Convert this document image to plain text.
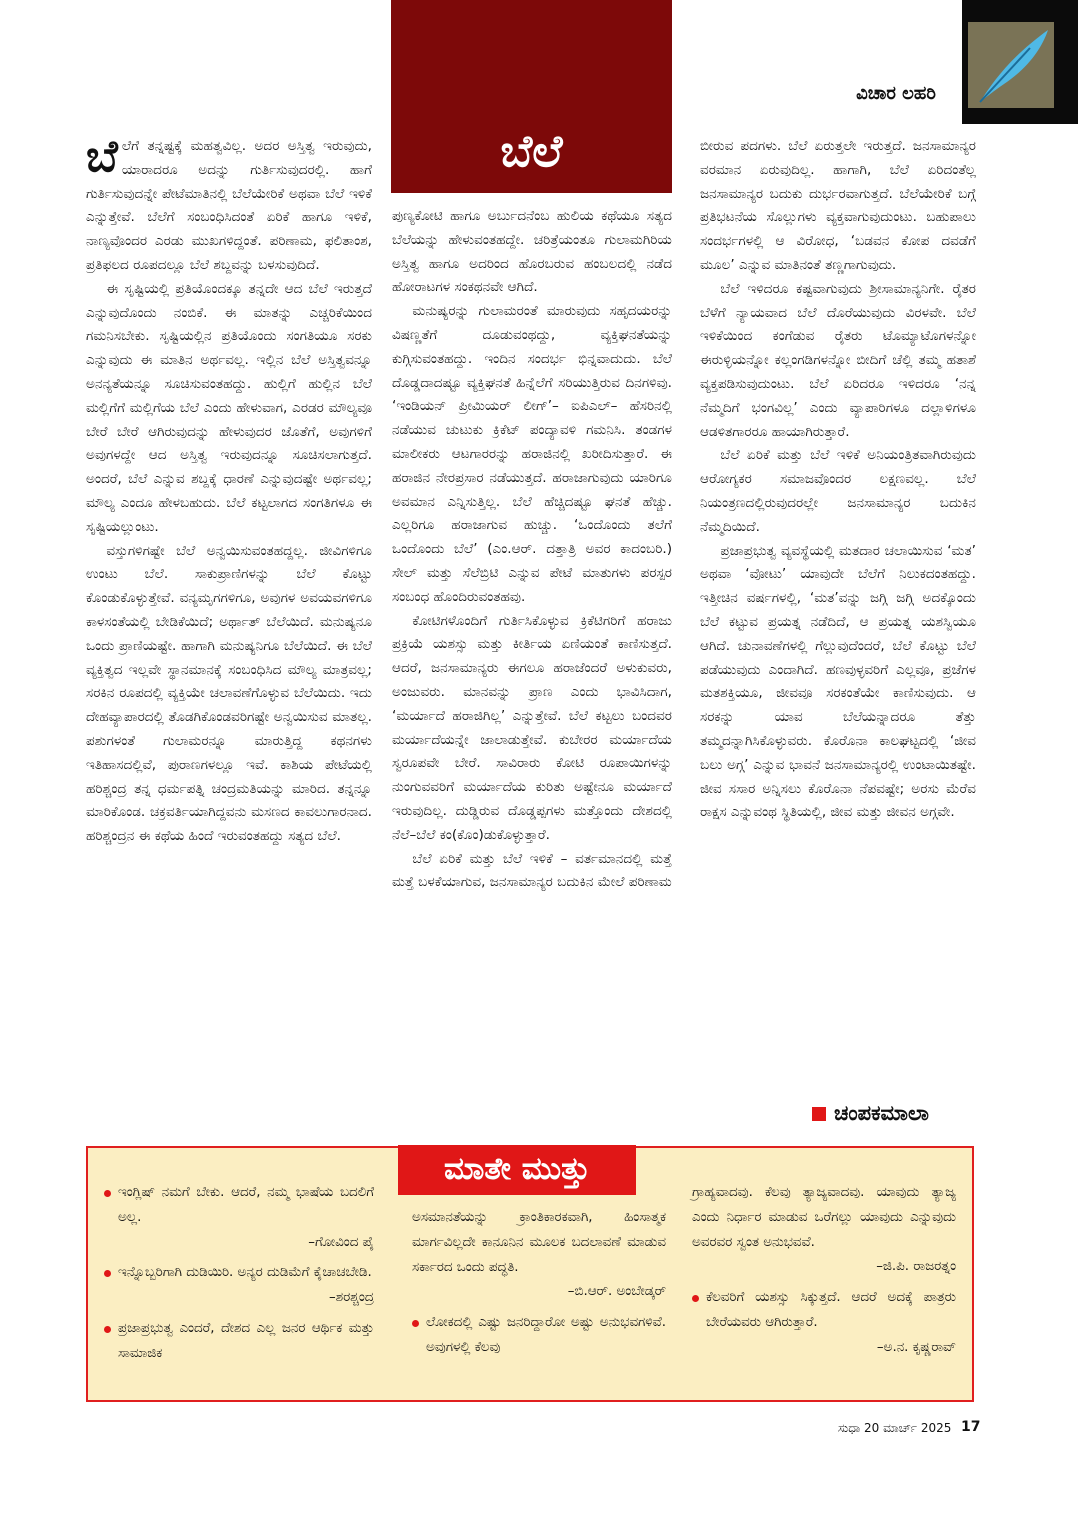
ವಿಚಾರ ಲಹರಿ
ಬೆಲೆ

ಬೆಲೆಗೆ ತನ್ನಷ್ಟಕ್ಕೆ ಮಹತ್ವವಿಲ್ಲ. ಅದರ ಅಸ್ತಿತ್ವ ಇರುವುದು, ಯಾರಾದರೂ ಅದನ್ನು ಗುರ್ತಿಸುವುದರಲ್ಲಿ. ಹಾಗೆ ಗುರ್ತಿಸುವುದನ್ನೇ ಪೇಟೆಮಾತಿನಲ್ಲಿ ಬೆಲೆಯೇರಿಕೆ ಅಥವಾ ಬೆಲೆ ಇಳಿಕೆ ಎನ್ನುತ್ತೇವೆ. ಬೆಲೆಗೆ ಸಂಬಂಧಿಸಿದಂತೆ ಏರಿಕೆ ಹಾಗೂ ಇಳಿಕೆ, ನಾಣ್ಯವೊಂದರ ಎರಡು ಮುಖಗಳಿದ್ದಂತೆ. ಪರಿಣಾಮ, ಫಲಿತಾಂಶ, ಪ್ರತಿಫಲದ ರೂಪದಲ್ಲೂ ಬೆಲೆ ಶಬ್ದವನ್ನು ಬಳಸುವುದಿದೆ.

ಈ ಸೃಷ್ಟಿಯಲ್ಲಿ ಪ್ರತಿಯೊಂದಕ್ಕೂ ತನ್ನದೇ ಆದ ಬೆಲೆ ಇರುತ್ತದೆ ಎನ್ನುವುದೊಂದು ನಂಬಿಕೆ. ಈ ಮಾತನ್ನು ಎಚ್ಚರಿಕೆಯಿಂದ ಗಮನಿಸಬೇಕು. ಸೃಷ್ಟಿಯಲ್ಲಿನ ಪ್ರತಿಯೊಂದು ಸಂಗತಿಯೂ ಸರಕು ಎನ್ನುವುದು ಈ ಮಾತಿನ ಅರ್ಥವಲ್ಲ. ಇಲ್ಲಿನ ಬೆಲೆ ಅಸ್ತಿತ್ವವನ್ನೂ ಅನನ್ಯತೆಯನ್ನೂ ಸೂಚಿಸುವಂತಹದ್ದು. ಹುಲ್ಲಿಗೆ ಹುಲ್ಲಿನ ಬೆಲೆ ಮಲ್ಲಿಗೆಗೆ ಮಲ್ಲಿಗೆಯ ಬೆಲೆ ಎಂದು ಹೇಳುವಾಗ, ಎರಡರ ಮೌಲ್ಯವೂ ಬೇರೆ ಬೇರೆ ಆಗಿರುವುದನ್ನು ಹೇಳುವುದರ ಜೊತೆಗೆ, ಅವುಗಳಿಗೆ ಅವುಗಳದ್ದೇ ಆದ ಅಸ್ತಿತ್ವ ಇರುವುದನ್ನೂ ಸೂಚಿಸಲಾಗುತ್ತದೆ. ಅಂದರೆ, ಬೆಲೆ ಎನ್ನುವ ಶಬ್ದಕ್ಕೆ ಧಾರಣೆ ಎನ್ನುವುದಷ್ಟೇ ಅರ್ಥವಲ್ಲ; ಮೌಲ್ಯ ಎಂದೂ ಹೇಳಬಹುದು. ಬೆಲೆ ಕಟ್ಟಲಾಗದ ಸಂಗತಿಗಳೂ ಈ ಸೃಷ್ಟಿಯಲ್ಲುಂಟು.

ವಸ್ತುಗಳಿಗಷ್ಟೇ ಬೆಲೆ ಅನ್ವಯಿಸುವಂತಹದ್ದಲ್ಲ. ಜೀವಿಗಳಿಗೂ ಉಂಟು ಬೆಲೆ. ಸಾಕುಪ್ರಾಣಿಗಳನ್ನು ಬೆಲೆ ಕೊಟ್ಟು ಕೊಂಡುಕೊಳ್ಳುತ್ತೇವೆ. ವನ್ಯಮೃಗಗಳಿಗೂ, ಅವುಗಳ ಅವಯವಗಳಿಗೂ ಕಾಳಸಂತೆಯಲ್ಲಿ ಬೇಡಿಕೆಯಿದೆ; ಅರ್ಥಾತ್ ಬೆಲೆಯಿದೆ. ಮನುಷ್ಯನೂ ಒಂದು ಪ್ರಾಣಿಯಷ್ಟೇ. ಹಾಗಾಗಿ ಮನುಷ್ಯನಿಗೂ ಬೆಲೆಯಿದೆ. ಈ ಬೆಲೆ ವ್ಯಕ್ತಿತ್ವದ ಇಲ್ಲವೇ ಸ್ಥಾನಮಾನಕ್ಕೆ ಸಂಬಂಧಿಸಿದ ಮೌಲ್ಯ ಮಾತ್ರವಲ್ಲ; ಸರಕಿನ ರೂಪದಲ್ಲಿ ವ್ಯಕ್ತಿಯೇ ಚಲಾವಣೆಗೊಳ್ಳುವ ಬೆಲೆಯಿದು. ಇದು ದೇಹವ್ಯಾಪಾರದಲ್ಲಿ ತೊಡಗಿಕೊಂಡವರಿಗಷ್ಟೇ ಅನ್ವಯಿಸುವ ಮಾತಲ್ಲ. ಪಶುಗಳಂತೆ ಗುಲಾಮರನ್ನೂ ಮಾರುತ್ತಿದ್ದ ಕಥನಗಳು ಇತಿಹಾಸದಲ್ಲಿವೆ, ಪುರಾಣಗಳಲ್ಲೂ ಇವೆ. ಕಾಶಿಯ ಪೇಟೆಯಲ್ಲಿ ಹರಿಶ್ಚಂದ್ರ ತನ್ನ ಧರ್ಮಪತ್ನಿ ಚಂದ್ರಮತಿಯನ್ನು ಮಾರಿದ. ತನ್ನನ್ನೂ ಮಾರಿಕೊಂಡ. ಚಕ್ರವರ್ತಿಯಾಗಿದ್ದವನು ಮಸಣದ ಕಾವಲುಗಾರನಾದ. ಹರಿಶ್ಚಂದ್ರನ ಈ ಕಥೆಯ ಹಿಂದೆ ಇರುವಂತಹದ್ದು ಸತ್ಯದ ಬೆಲೆ.

ಪುಣ್ಯಕೋಟಿ ಹಾಗೂ ಅರ್ಬುದನೆಂಬ ಹುಲಿಯ ಕಥೆಯೂ ಸತ್ಯದ ಬೆಲೆಯನ್ನು ಹೇಳುವಂತಹದ್ದೇ. ಚರಿತ್ರೆಯಂತೂ ಗುಲಾಮಗಿರಿಯ ಅಸ್ತಿತ್ವ ಹಾಗೂ ಅದರಿಂದ ಹೊರಬರುವ ಹಂಬಲದಲ್ಲಿ ನಡೆದ ಹೋರಾಟಗಳ ಸಂಕಥನವೇ ಆಗಿದೆ.

ಮನುಷ್ಯರನ್ನು ಗುಲಾಮರಂತೆ ಮಾರುವುದು ಸಹೃದಯರನ್ನು ವಿಷಣ್ಣತೆಗೆ ದೂಡುವಂಥದ್ದು, ವ್ಯಕ್ತಿಘನತೆಯನ್ನು ಕುಗ್ಗಿಸುವಂತಹದ್ದು. ಇಂದಿನ ಸಂದರ್ಭ ಭಿನ್ನವಾದುದು. ಬೆಲೆ ದೊಡ್ಡದಾದಷ್ಟೂ ವ್ಯಕ್ತಿಘನತೆ ಹಿನ್ನೆಲೆಗೆ ಸರಿಯುತ್ತಿರುವ ದಿನಗಳಿವು. ‘ಇಂಡಿಯನ್ ಪ್ರೀಮಿಯರ್ ಲೀಗ್’– ಐಪಿಎಲ್– ಹೆಸರಿನಲ್ಲಿ ನಡೆಯುವ ಚುಟುಕು ಕ್ರಿಕೆಟ್ ಪಂದ್ಯಾವಳಿ ಗಮನಿಸಿ. ತಂಡಗಳ ಮಾಲೀಕರು ಆಟಗಾರರನ್ನು ಹರಾಜಿನಲ್ಲಿ ಖರೀದಿಸುತ್ತಾರೆ. ಈ ಹರಾಜಿನ ನೇರಪ್ರಸಾರ ನಡೆಯುತ್ತದೆ. ಹರಾಜಾಗುವುದು ಯಾರಿಗೂ ಅವಮಾನ ಎನ್ನಿಸುತ್ತಿಲ್ಲ. ಬೆಲೆ ಹೆಚ್ಚಿದಷ್ಟೂ ಘನತೆ ಹೆಚ್ಚು. ಎಲ್ಲರಿಗೂ ಹರಾಜಾಗುವ ಹುಚ್ಚು. ‘ಒಂದೊಂದು ತಲೆಗೆ ಒಂದೊಂದು ಬೆಲೆ’ (ಎಂ.ಆರ್. ದತ್ತಾತ್ರಿ ಅವರ ಕಾದಂಬರಿ.) ಸೇಲ್ ಮತ್ತು ಸೆಲೆಬ್ರಿಟಿ ಎನ್ನುವ ಪೇಟೆ ಮಾತುಗಳು ಪರಸ್ಪರ ಸಂಬಂಧ ಹೊಂದಿರುವಂತಹವು.

ಕೋಟಿಗಳೊಂದಿಗೆ ಗುರ್ತಿಸಿಕೊಳ್ಳುವ ಕ್ರಿಕೆಟಿಗರಿಗೆ ಹರಾಜು ಪ್ರಕ್ರಿಯೆ ಯಶಸ್ಸು ಮತ್ತು ಕೀರ್ತಿಯ ಏಣಿಯಂತೆ ಕಾಣಿಸುತ್ತದೆ. ಆದರೆ, ಜನಸಾಮಾನ್ಯರು ಈಗಲೂ ಹರಾಜೆಂದರೆ ಅಳುಕುವರು, ಅಂಜುವರು. ಮಾನವನ್ನು ಪ್ರಾಣ ಎಂದು ಭಾವಿಸಿದಾಗ, ‘ಮರ್ಯಾದೆ ಹರಾಜಿಗಿಲ್ಲ’ ಎನ್ನುತ್ತೇವೆ. ಬೆಲೆ ಕಟ್ಟಲು ಬಂದವರ ಮರ್ಯಾದೆಯನ್ನೇ ಜಾಲಾಡುತ್ತೇವೆ. ಕುಬೇರರ ಮರ್ಯಾದೆಯ ಸ್ವರೂಪವೇ ಬೇರೆ. ಸಾವಿರಾರು ಕೋಟಿ ರೂಪಾಯಿಗಳನ್ನು ನುಂಗುವವರಿಗೆ ಮರ್ಯಾದೆಯ ಕುರಿತು ಅಷ್ಟೇನೂ ಮರ್ಯಾದೆ ಇರುವುದಿಲ್ಲ. ದುಡ್ಡಿರುವ ದೊಡ್ಡಪ್ಪಗಳು ಮತ್ತೊಂದು ದೇಶದಲ್ಲಿ ನೆಲೆ–ಬೆಲೆ ಕಂ(ಕೊಂ)ಡುಕೊಳ್ಳುತ್ತಾರೆ.

ಬೆಲೆ ಏರಿಕೆ ಮತ್ತು ಬೆಲೆ ಇಳಿಕೆ – ವರ್ತಮಾನದಲ್ಲಿ ಮತ್ತೆ ಮತ್ತೆ ಬಳಕೆಯಾಗುವ, ಜನಸಾಮಾನ್ಯರ ಬದುಕಿನ ಮೇಲೆ ಪರಿಣಾಮ

ಬೀರುವ ಪದಗಳು. ಬೆಲೆ ಏರುತ್ತಲೇ ಇರುತ್ತದೆ. ಜನಸಾಮಾನ್ಯರ ವರಮಾನ ಏರುವುದಿಲ್ಲ. ಹಾಗಾಗಿ, ಬೆಲೆ ಏರಿದಂತೆಲ್ಲ ಜನಸಾಮಾನ್ಯರ ಬದುಕು ದುರ್ಭರವಾಗುತ್ತದೆ. ಬೆಲೆಯೇರಿಕೆ ಬಗ್ಗೆ ಪ್ರತಿಭಟನೆಯ ಸೊಲ್ಲುಗಳು ವ್ಯಕ್ತವಾಗುವುದುಂಟು. ಬಹುಪಾಲು ಸಂದರ್ಭಗಳಲ್ಲಿ ಆ ವಿರೋಧ, ‘ಬಡವನ ಕೋಪ ದವಡೆಗೆ ಮೂಲ’ ಎನ್ನುವ ಮಾತಿನಂತೆ ತಣ್ಣಗಾಗುವುದು.

ಬೆಲೆ ಇಳಿದರೂ ಕಷ್ಟವಾಗುವುದು ಶ್ರೀಸಾಮಾನ್ಯನಿಗೇ. ರೈತರ ಬೆಳೆಗೆ ನ್ಯಾಯವಾದ ಬೆಲೆ ದೊರೆಯುವುದು ವಿರಳವೇ. ಬೆಲೆ ಇಳಿಕೆಯಿಂದ ಕಂಗೆಡುವ ರೈತರು ಟೊಮ್ಯಾಟೊಗಳನ್ನೋ ಈರುಳ್ಳಿಯನ್ನೋ ಕಲ್ಲಂಗಡಿಗಳನ್ನೋ ಬೀದಿಗೆ ಚೆಲ್ಲಿ ತಮ್ಮ ಹತಾಶೆ ವ್ಯಕ್ತಪಡಿಸುವುದುಂಟು. ಬೆಲೆ ಏರಿದರೂ ಇಳಿದರೂ ‘ನನ್ನ ನೆಮ್ಮದಿಗೆ ಭಂಗವಿಲ್ಲ’ ಎಂದು ವ್ಯಾಪಾರಿಗಳೂ ದಲ್ಲಾಳಿಗಳೂ ಆಡಳಿತಗಾರರೂ ಹಾಯಾಗಿರುತ್ತಾರೆ.

ಬೆಲೆ ಏರಿಕೆ ಮತ್ತು ಬೆಲೆ ಇಳಿಕೆ ಅನಿಯಂತ್ರಿತವಾಗಿರುವುದು ಆರೋಗ್ಯಕರ ಸಮಾಜವೊಂದರ ಲಕ್ಷಣವಲ್ಲ. ಬೆಲೆ ನಿಯಂತ್ರಣದಲ್ಲಿರುವುದರಲ್ಲೇ ಜನಸಾಮಾನ್ಯರ ಬದುಕಿನ ನೆಮ್ಮದಿಯಿದೆ.

ಪ್ರಜಾಪ್ರಭುತ್ವ ವ್ಯವಸ್ಥೆಯಲ್ಲಿ ಮತದಾರ ಚಲಾಯಿಸುವ ‘ಮತ’ ಅಥವಾ ‘ವೋಟು’ ಯಾವುದೇ ಬೆಲೆಗೆ ನಿಲುಕದಂತಹದ್ದು. ಇತ್ತೀಚಿನ ವರ್ಷಗಳಲ್ಲಿ, ‘ಮತ’ವನ್ನು ಜಗ್ಗಿ ಜಗ್ಗಿ ಅದಕ್ಕೊಂದು ಬೆಲೆ ಕಟ್ಟುವ ಪ್ರಯತ್ನ ನಡೆದಿದೆ, ಆ ಪ್ರಯತ್ನ ಯಶಸ್ವಿಯೂ ಆಗಿದೆ. ಚುನಾವಣೆಗಳಲ್ಲಿ ಗೆಲ್ಲುವುದೆಂದರೆ, ಬೆಲೆ ಕೊಟ್ಟು ಬೆಲೆ ಪಡೆಯುವುದು ಎಂದಾಗಿದೆ. ಹಣವುಳ್ಳವರಿಗೆ ಎಲ್ಲವೂ, ಪ್ರಜೆಗಳ ಮತಶಕ್ತಿಯೂ, ಜೀವವೂ ಸರಕಂತೆಯೇ ಕಾಣಿಸುವುದು. ಆ ಸರಕನ್ನು ಯಾವ ಬೆಲೆಯನ್ನಾದರೂ ತೆತ್ತು ತಮ್ಮದನ್ನಾಗಿಸಿಕೊಳ್ಳುವರು. ಕೊರೊನಾ ಕಾಲಘಟ್ಟದಲ್ಲಿ ‘ಜೀವ ಬಲು ಅಗ್ಗ’ ಎನ್ನುವ ಭಾವನೆ ಜನಸಾಮಾನ್ಯರಲ್ಲಿ ಉಂಟಾಯಿತಷ್ಟೇ. ಜೀವ ಸಸಾರ ಅನ್ನಿಸಲು ಕೊರೊನಾ ನೆಪವಷ್ಟೇ; ಅರಸು ಮೆರೆವ ರಾಕ್ಷಸ ಎನ್ನುವಂಥ ಸ್ಥಿತಿಯಲ್ಲಿ, ಜೀವ ಮತ್ತು ಜೀವನ ಅಗ್ಗವೇ.

ಚಂಪಕಮಾಲಾ
ಮಾತೇ ಮುತ್ತು
ಇಂಗ್ಲಿಷ್ ನಮಗೆ ಬೇಕು. ಆದರೆ, ನಮ್ಮ ಭಾಷೆಯ ಬದಲಿಗೆ ಅಲ್ಲ.
–ಗೋವಿಂದ ಪೈ
ಇನ್ನೊಬ್ಬರಿಗಾಗಿ ದುಡಿಯಿರಿ. ಅನ್ಯರ ದುಡಿಮೆಗೆ ಕೈಚಾಚಬೇಡಿ.
–ಶರಶ್ಚಂದ್ರ
ಪ್ರಜಾಪ್ರಭುತ್ವ ಎಂದರೆ, ದೇಶದ ಎಲ್ಲ ಜನರ ಆರ್ಥಿಕ ಮತ್ತು ಸಾಮಾಜಿಕ
ಅಸಮಾನತೆಯನ್ನು ಕ್ರಾಂತಿಕಾರಕವಾಗಿ, ಹಿಂಸಾತ್ಮಕ ಮಾರ್ಗವಿಲ್ಲದೇ ಕಾನೂನಿನ ಮೂಲಕ ಬದಲಾವಣೆ ಮಾಡುವ ಸರ್ಕಾರದ ಒಂದು ಪದ್ಧತಿ.
–ಬಿ.ಆರ್. ಅಂಬೇಡ್ಕರ್
ಲೋಕದಲ್ಲಿ ಎಷ್ಟು ಜನರಿದ್ದಾರೋ ಅಷ್ಟು ಅನುಭವಗಳಿವೆ. ಅವುಗಳಲ್ಲಿ ಕೆಲವು
ಗ್ರಾಹ್ಯವಾದವು. ಕೆಲವು ತ್ಯಾಜ್ಯವಾದವು. ಯಾವುದು ತ್ಯಾಜ್ಯ ಎಂದು ನಿರ್ಧಾರ ಮಾಡುವ ಒರೆಗಲ್ಲು ಯಾವುದು ಎನ್ನುವುದು ಅವರವರ ಸ್ವಂತ ಅನುಭವವೆ.
–ಜಿ.ಪಿ. ರಾಜರತ್ನಂ
ಕೆಲವರಿಗೆ ಯಶಸ್ಸು ಸಿಕ್ಕುತ್ತದೆ. ಆದರೆ ಅದಕ್ಕೆ ಪಾತ್ರರು ಬೇರೆಯವರು ಆಗಿರುತ್ತಾರೆ.
–ಅ.ನ. ಕೃಷ್ಣರಾವ್
ಸುಧಾ 20 ಮಾರ್ಚ್ 2025 17
